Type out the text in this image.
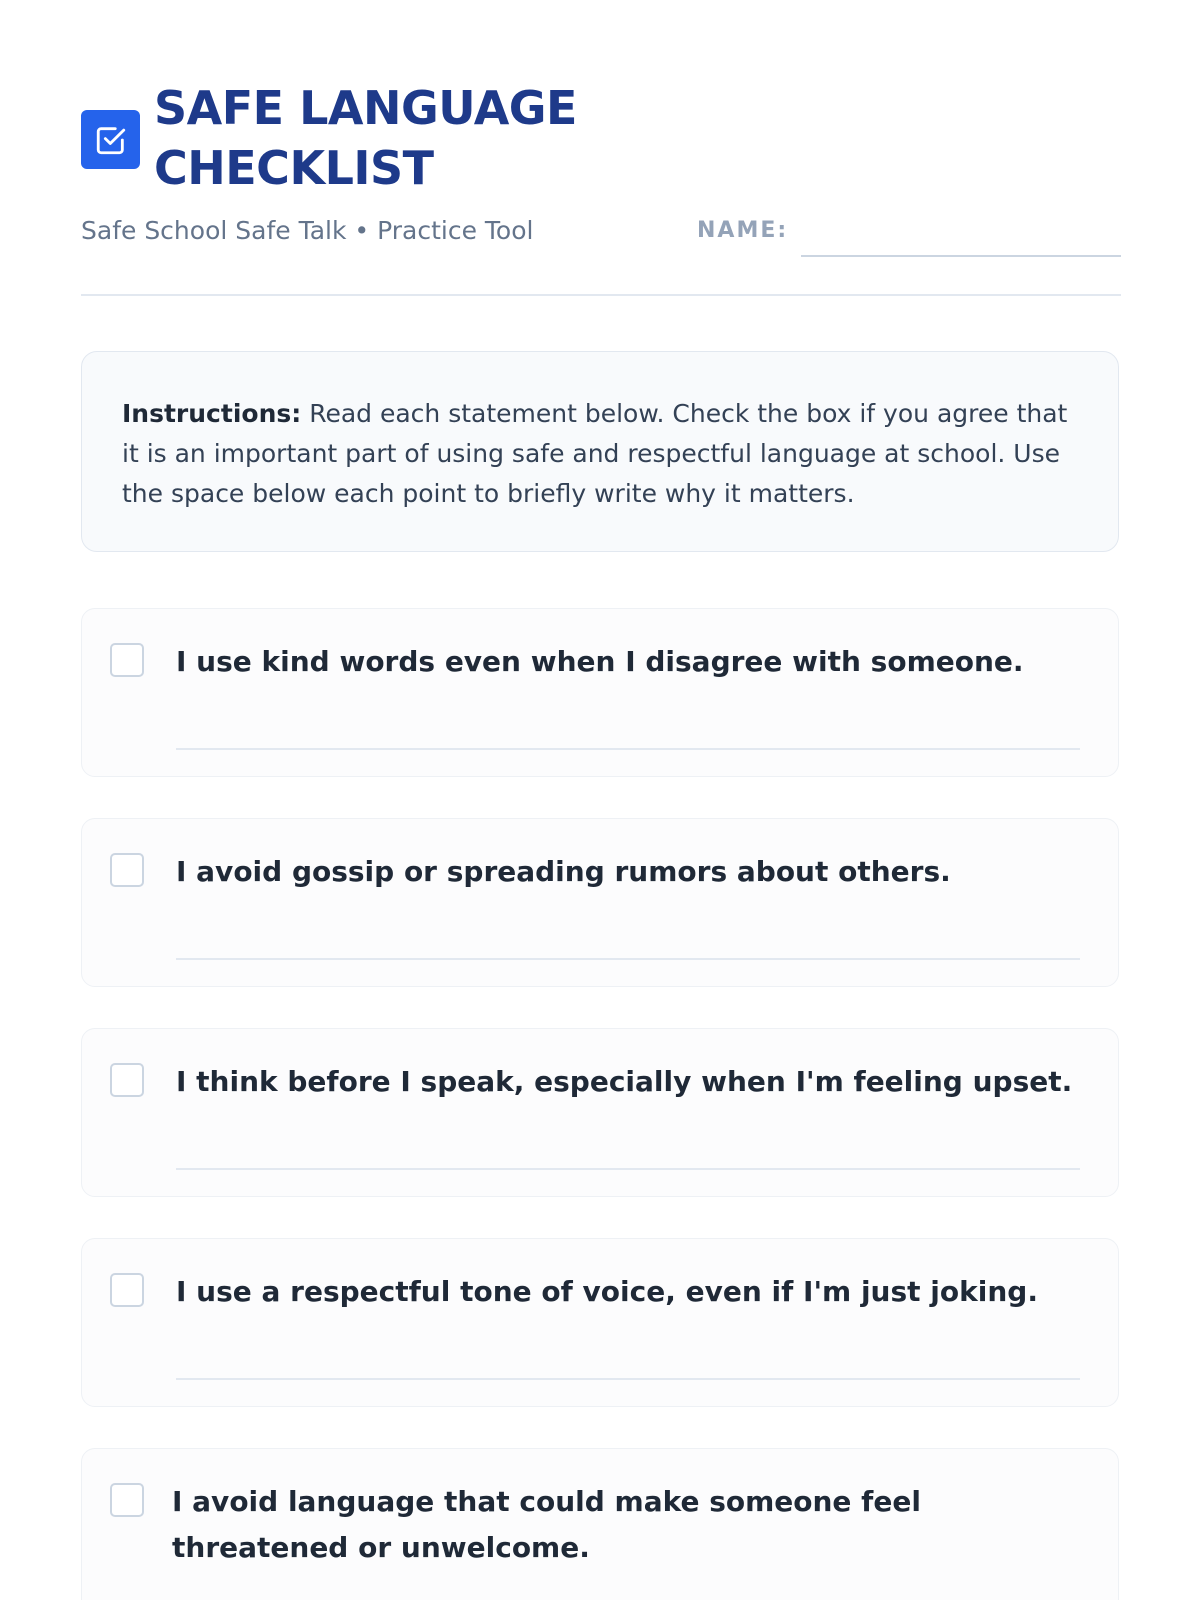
SAFE LANGUAGE CHECKLIST
Safe School Safe Talk • Practice Tool	NAME:
Instructions: Read each statement below. Check the box if you agree that it is an important part of using safe and respectful language at school. Use the space below each point to briefly write why it matters.
I use kind words even when I disagree with someone.
I avoid gossip or spreading rumors about others.
I think before I speak, especially when I'm feeling upset.
I use a respectful tone of voice, even if I'm just joking.
I avoid language that could make someone feel threatened or unwelcome.
